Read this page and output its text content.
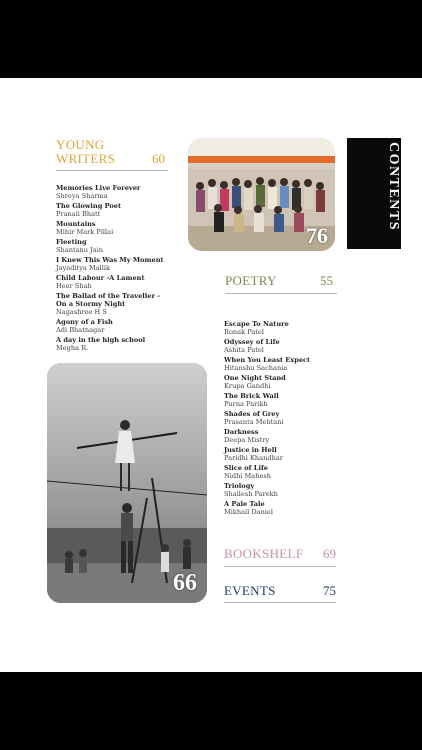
YOUNG
WRITERS	60
Memories Live Forever
Shreya Sharma
The Glowing Poet
Pranali Bhatt
Mountains
Mihir Mark Pillai
Fleeting
Shantanu Jain
I Knew This Was My Moment
Jayaditya Mallik
Child Labour -A Lament
Heer Shah
The Ballad of the Traveller -
On a Stormy Night
Nagashree H S
Agony of a Fish
Adi Bhatnagar
A day in the high school
Megha R.
76
CONTENTS
POETRY	55
Escape To Nature
Ronak Patel
Odyssey of Life
Ashita Patel
When You Least Expect
Hitanshu Sachania
One Night Stand
Krupa Gandhi
The Brick Wall
Purna Parikh
Shades of Grey
Prasanta Mehtani
Darkness
Deepa Mistry
Justice in Hell
Paridhi Khandhar
Slice of Life
Nidhi Mahesh
Triology
Shailesh Parekh
A Pale Tale
Mikhail Daniel
66
BOOKSHELF 69
EVENTS	75
